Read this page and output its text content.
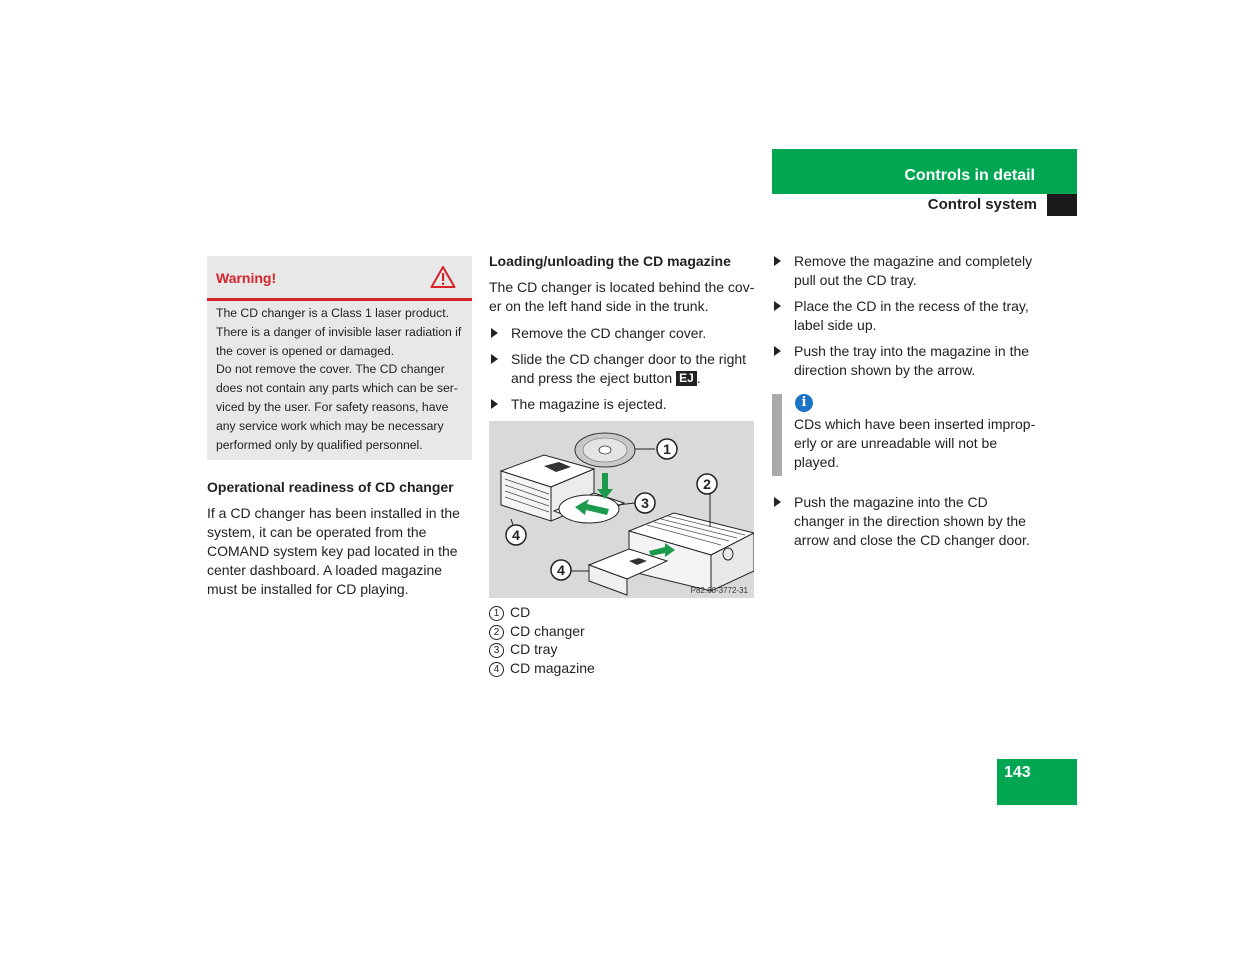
Controls in detail
Control system
Warning!

The CD changer is a Class 1 laser product. There is a danger of invisible laser radiation if the cover is opened or damaged.

Do not remove the cover. The CD changer does not contain any parts which can be ser-viced by the user. For safety reasons, have any service work which may be necessary performed only by qualified personnel.

Operational readiness of CD changer

If a CD changer has been installed in the system, it can be operated from the COMAND system key pad located in the center dashboard. A loaded magazine must be installed for CD playing.

Loading/unloading the CD magazine

The CD changer is located behind the cov-er on the left hand side in the trunk.

Remove the CD changer cover.
Slide the CD changer door to the right and press the eject button EJ .
The magazine is ejected.
1
2
3
4
4
P82.60-3772-31
1 CD
2 CD changer
3 CD tray
4 CD magazine
Remove the magazine and completely pull out the CD tray.
Place the CD in the recess of the tray, label side up.
Push the tray into the magazine in the direction shown by the arrow.
i
CDs which have been inserted improp-erly or are unreadable will not be played.
Push the magazine into the CD changer in the direction shown by the arrow and close the CD changer door.
143
